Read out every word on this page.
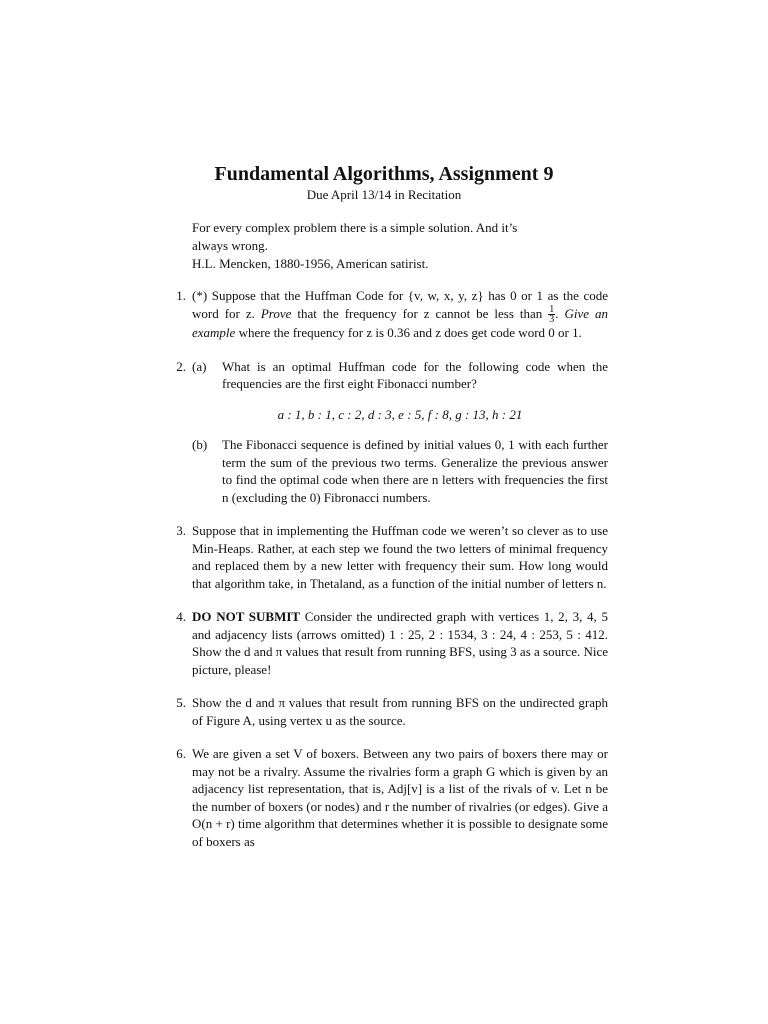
Fundamental Algorithms, Assignment 9
Due April 13/14 in Recitation
For every complex problem there is a simple solution. And it’s
always wrong.
H.L. Mencken, 1880-1956, American satirist.
1. (*) Suppose that the Huffman Code for {v, w, x, y, z} has 0 or 1 as the code word for z. Prove that the frequency for z cannot be less than $\frac{1}{3}$ . Give an example where the frequency for z is 0.36 and z does get code word 0 or 1.
2. (a) What is an optimal Huffman code for the following code when the frequencies are the first eight Fibonacci number?
a : 1, b : 1, c : 2, d : 3, e : 5, f : 8, g : 13, h : 21
(b) The Fibonacci sequence is defined by initial values 0, 1 with each further term the sum of the previous two terms. Generalize the previous answer to find the optimal code when there are n letters with frequencies the first n (excluding the 0) Fibronacci numbers.
3. Suppose that in implementing the Huffman code we weren’t so clever as to use Min-Heaps. Rather, at each step we found the two letters of minimal frequency and replaced them by a new letter with frequency their sum. How long would that algorithm take, in Thetaland, as a function of the initial number of letters n.
4. DO NOT SUBMIT Consider the undirected graph with vertices 1, 2, 3, 4, 5 and adjacency lists (arrows omitted) 1 : 25, 2 : 1534, 3 : 24, 4 : 253, 5 : 412. Show the d and π values that result from running BFS, using 3 as a source. Nice picture, please!
5. Show the d and π values that result from running BFS on the undirected graph of Figure A, using vertex u as the source.
6. We are given a set V of boxers. Between any two pairs of boxers there may or may not be a rivalry. Assume the rivalries form a graph G which is given by an adjacency list representation, that is, Adj[v] is a list of the rivals of v. Let n be the number of boxers (or nodes) and r the number of rivalries (or edges). Give a O(n + r) time algorithm that determines whether it is possible to designate some of boxers as
